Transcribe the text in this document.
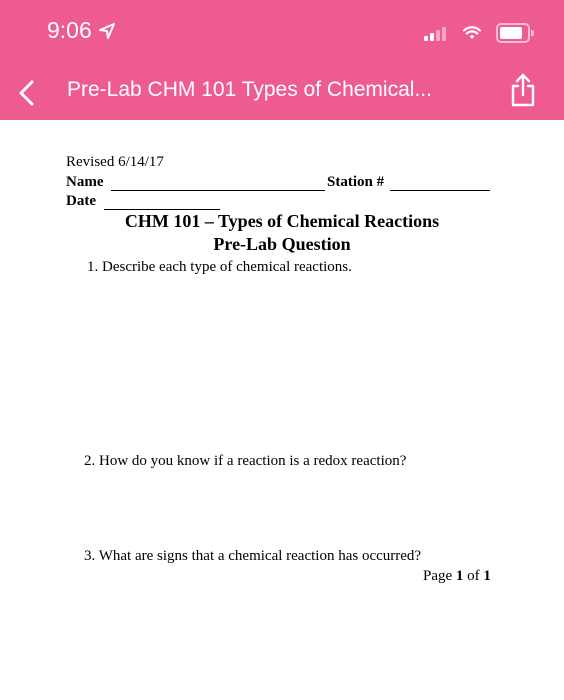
9:06
Pre-Lab CHM 101 Types of Chemical...
Revised 6/14/17
Name	Station #
Date
CHM 101 – Types of Chemical Reactions
Pre-Lab Question
1. Describe each type of chemical reactions.
2. How do you know if a reaction is a redox reaction?
3. What are signs that a chemical reaction has occurred?
Page 1 of 1
